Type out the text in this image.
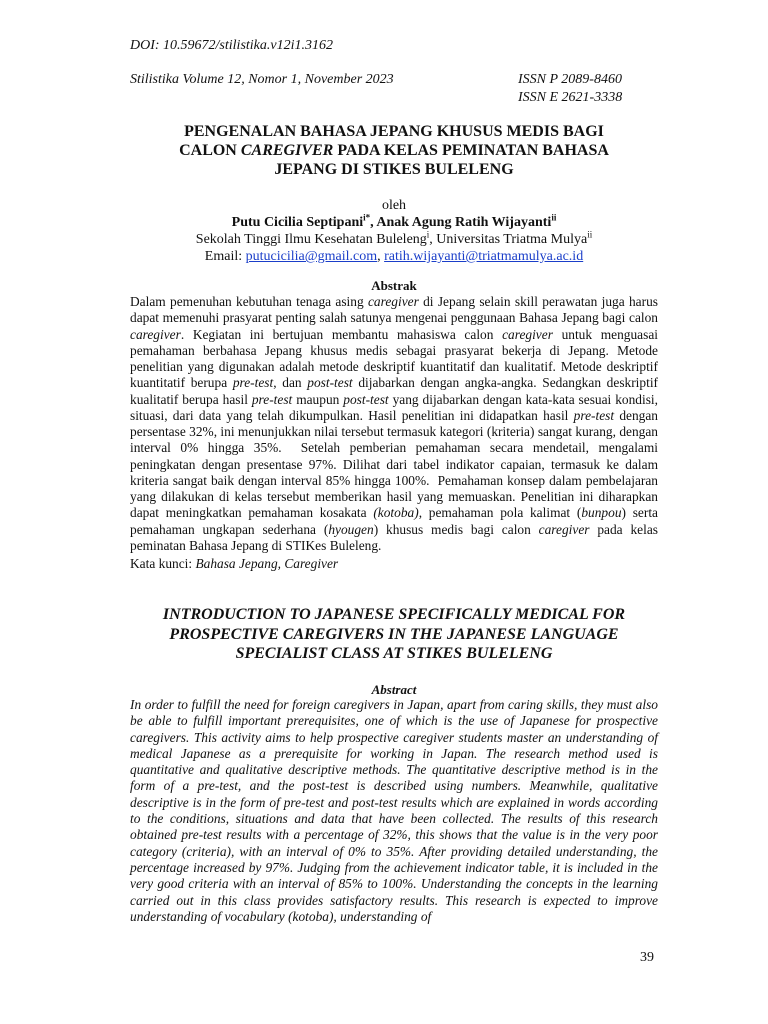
DOI: 10.59672/stilistika.v12i1.3162
Stilistika Volume 12, Nomor 1, November 2023	ISSN P 2089-8460
ISSN E 2621-3338
PENGENALAN BAHASA JEPANG KHUSUS MEDIS BAGI
CALON CAREGIVER PADA KELAS PEMINATAN BAHASA
JEPANG DI STIKES BULELENG
oleh
Putu Cicilia Septipani$^{i*}$, Anak Agung Ratih Wijayanti$^{ii}$
Sekolah Tinggi Ilmu Kesehatan Buleleng$^i$, Universitas Triatma Mulya$^{ii}$
Email: putucicilia@gmail.com, ratih.wijayanti@triatmamulya.ac.id
Abstrak
Dalam pemenuhan kebutuhan tenaga asing caregiver di Jepang selain skill perawatan juga harus dapat memenuhi prasyarat penting salah satunya mengenai penggunaan Bahasa Jepang bagi calon caregiver. Kegiatan ini bertujuan membantu mahasiswa calon caregiver untuk menguasai pemahaman berbahasa Jepang khusus medis sebagai prasyarat bekerja di Jepang. Metode penelitian yang digunakan adalah metode deskriptif kuantitatif dan kualitatif. Metode deskriptif kuantitatif berupa pre-test, dan post-test dijabarkan dengan angka-angka. Sedangkan deskriptif kualitatif berupa hasil pre-test maupun post-test yang dijabarkan dengan kata-kata sesuai kondisi, situasi, dari data yang telah dikumpulkan. Hasil penelitian ini didapatkan hasil pre-test dengan persentase 32%, ini menunjukkan nilai tersebut termasuk kategori (kriteria) sangat kurang, dengan interval 0% hingga 35%.  Setelah pemberian pemahaman secara mendetail, mengalami peningkatan dengan presentase 97%. Dilihat dari tabel indikator capaian, termasuk ke dalam kriteria sangat baik dengan interval 85% hingga 100%.  Pemahaman konsep dalam pembelajaran yang dilakukan di kelas tersebut memberikan hasil yang memuaskan. Penelitian ini diharapkan dapat meningkatkan pemahaman kosakata (kotoba), pemahaman pola kalimat (bunpou) serta pemahaman ungkapan sederhana (hyougen) khusus medis bagi calon caregiver pada kelas peminatan Bahasa Jepang di STIKes Buleleng.
Kata kunci: Bahasa Jepang, Caregiver
INTRODUCTION TO JAPANESE SPECIFICALLY MEDICAL FOR
PROSPECTIVE CAREGIVERS IN THE JAPANESE LANGUAGE
SPECIALIST CLASS AT STIKES BULELENG
Abstract
In order to fulfill the need for foreign caregivers in Japan, apart from caring skills, they must also be able to fulfill important prerequisites, one of which is the use of Japanese for prospective caregivers. This activity aims to help prospective caregiver students master an understanding of medical Japanese as a prerequisite for working in Japan. The research method used is quantitative and qualitative descriptive methods. The quantitative descriptive method is in the form of a pre-test, and the post-test is described using numbers. Meanwhile, qualitative descriptive is in the form of pre-test and post-test results which are explained in words according to the conditions, situations and data that have been collected. The results of this research obtained pre-test results with a percentage of 32%, this shows that the value is in the very poor category (criteria), with an interval of 0% to 35%. After providing detailed understanding, the percentage increased by 97%. Judging from the achievement indicator table, it is included in the very good criteria with an interval of 85% to 100%. Understanding the concepts in the learning carried out in this class provides satisfactory results. This research is expected to improve understanding of vocabulary (kotoba), understanding of
39
